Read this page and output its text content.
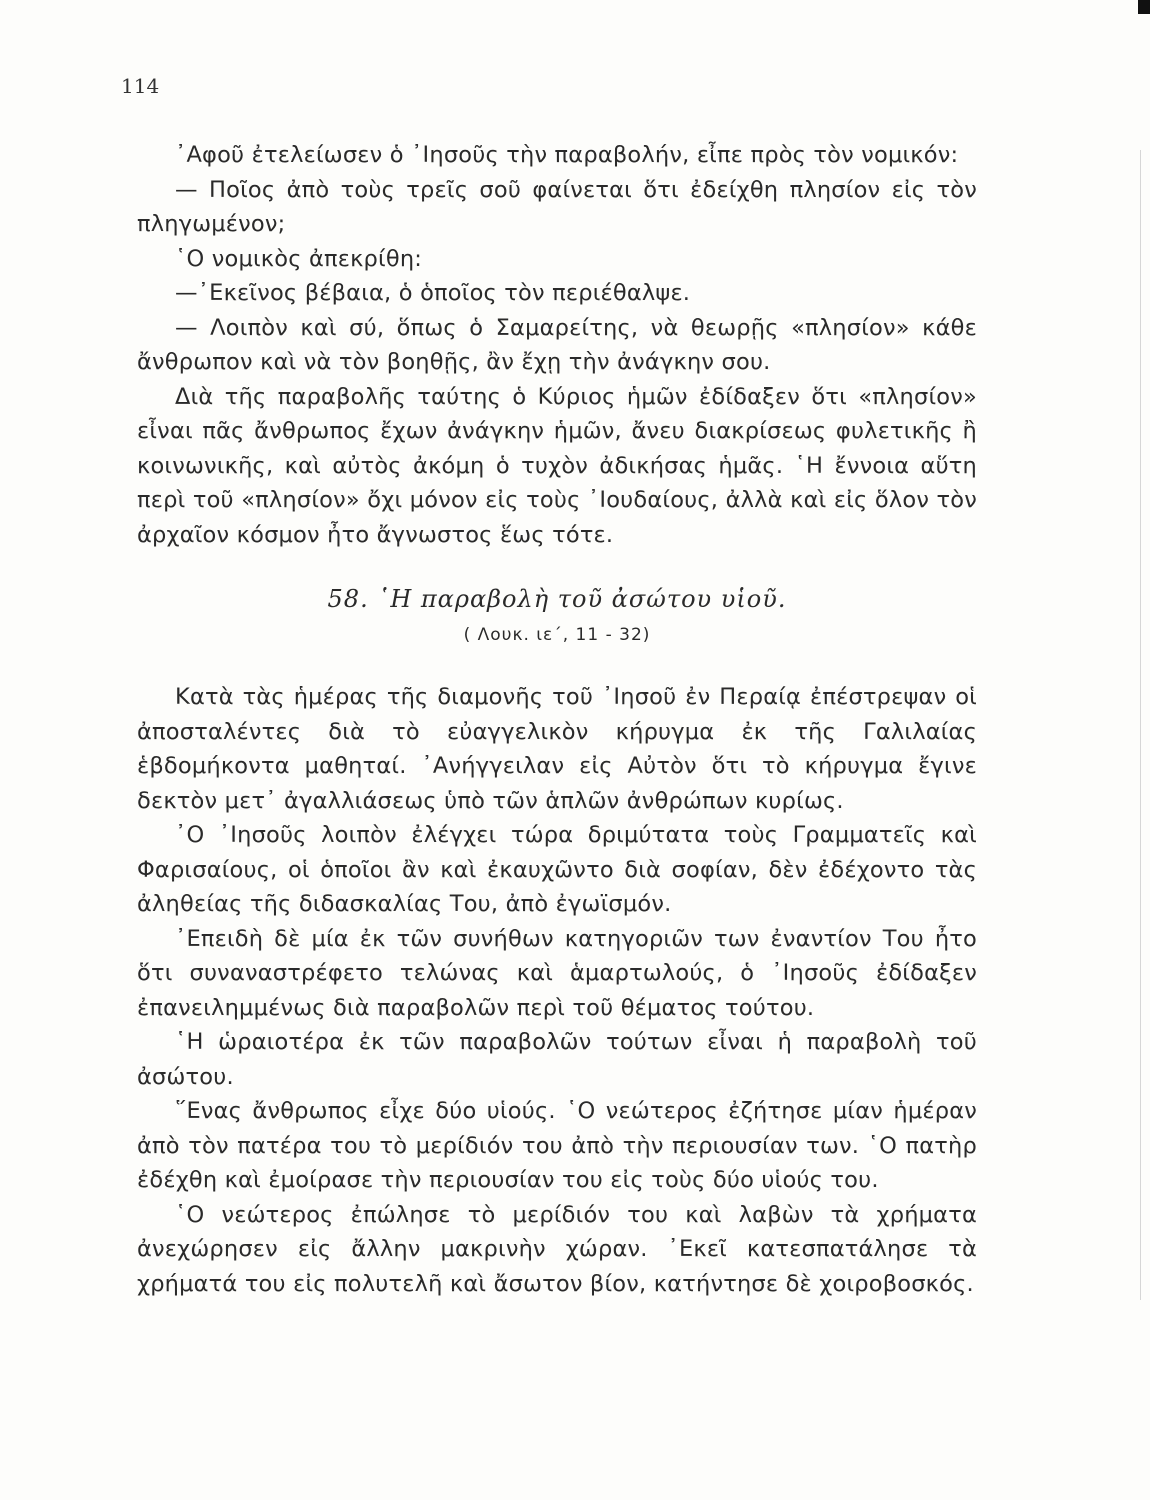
114

᾿Αφοῦ ἐτελείωσεν ὁ ᾿Ιησοῦς τὴν παραβολήν, εἶπε πρὸς τὸν νομικόν:

— Ποῖος ἀπὸ τοὺς τρεῖς σοῦ φαίνεται ὅτι ἐδείχθη πλησίον εἰς τὸν πληγωμένον;

῾Ο νομικὸς ἀπεκρίθη:

—᾿Εκεῖνος βέβαια, ὁ ὁποῖος τὸν περιέθαλψε.

— Λοιπὸν καὶ σύ, ὅπως ὁ Σαμαρείτης, νὰ θεωρῇς «πλησίον» κάθε ἄνθρωπον καὶ νὰ τὸν βοηθῇς, ἂν ἔχῃ τὴν ἀνάγκην σου.

Διὰ τῆς παραβολῆς ταύτης ὁ Κύριος ἡμῶν ἐδίδαξεν ὅτι «πλησίον» εἶναι πᾶς ἄνθρωπος ἔχων ἀνάγκην ἡμῶν, ἄνευ διακρίσεως φυλετικῆς ἢ κοινωνικῆς, καὶ αὐτὸς ἀκόμη ὁ τυχὸν ἀδικήσας ἡμᾶς. ῾Η ἔννοια αὕτη περὶ τοῦ «πλησίον» ὄχι μόνον εἰς τοὺς ᾿Ιουδαίους, ἀλλὰ καὶ εἰς ὅλον τὸν ἀρχαῖον κόσμον ἦτο ἄγνωστος ἕως τότε.

58. ῾Η παραβολὴ τοῦ ἀσώτου υἱοῦ.
( Λουκ. ιε΄, 11 - 32)

Κατὰ τὰς ἡμέρας τῆς διαμονῆς τοῦ ᾿Ιησοῦ ἐν Περαίᾳ ἐπέστρεψαν οἱ ἀποσταλέντες διὰ τὸ εὐαγγελικὸν κήρυγμα ἐκ τῆς Γαλιλαίας ἑβδομήκοντα μαθηταί. ᾿Ανήγγειλαν εἰς Αὐτὸν ὅτι τὸ κήρυγμα ἔγινε δεκτὸν μετ᾿ ἀγαλλιάσεως ὑπὸ τῶν ἁπλῶν ἀνθρώπων κυρίως.

᾿Ο ᾿Ιησοῦς λοιπὸν ἐλέγχει τώρα δριμύτατα τοὺς Γραμματεῖς καὶ Φαρισαίους, οἱ ὁποῖοι ἂν καὶ ἐκαυχῶντο διὰ σοφίαν, δὲν ἐδέχοντο τὰς ἀληθείας τῆς διδασκαλίας Του, ἀπὸ ἐγωϊσμόν.

᾿Επειδὴ δὲ μία ἐκ τῶν συνήθων κατηγοριῶν των ἐναντίον Του ἦτο ὅτι συναναστρέφετο τελώνας καὶ ἁμαρτωλούς, ὁ ᾿Ιησοῦς ἐδίδαξεν ἐπανειλημμένως διὰ παραβολῶν περὶ τοῦ θέματος τούτου.

῾Η ὡραιοτέρα ἐκ τῶν παραβολῶν τούτων εἶναι ἡ παραβολὴ τοῦ ἀσώτου.

῞Ενας ἄνθρωπος εἶχε δύο υἱούς. ῾Ο νεώτερος ἐζήτησε μίαν ἡμέραν ἀπὸ τὸν πατέρα του τὸ μερίδιόν του ἀπὸ τὴν περιουσίαν των. ῾Ο πατὴρ ἐδέχθη καὶ ἐμοίρασε τὴν περιουσίαν του εἰς τοὺς δύο υἱούς του.

῾Ο νεώτερος ἐπώλησε τὸ μερίδιόν του καὶ λαβὼν τὰ χρήματα ἀνεχώρησεν εἰς ἄλλην μακρινὴν χώραν. ᾿Εκεῖ κατεσπατάλησε τὰ χρήματά του εἰς πολυτελῆ καὶ ἄσωτον βίον, κατήντησε δὲ χοιροβοσκός.
